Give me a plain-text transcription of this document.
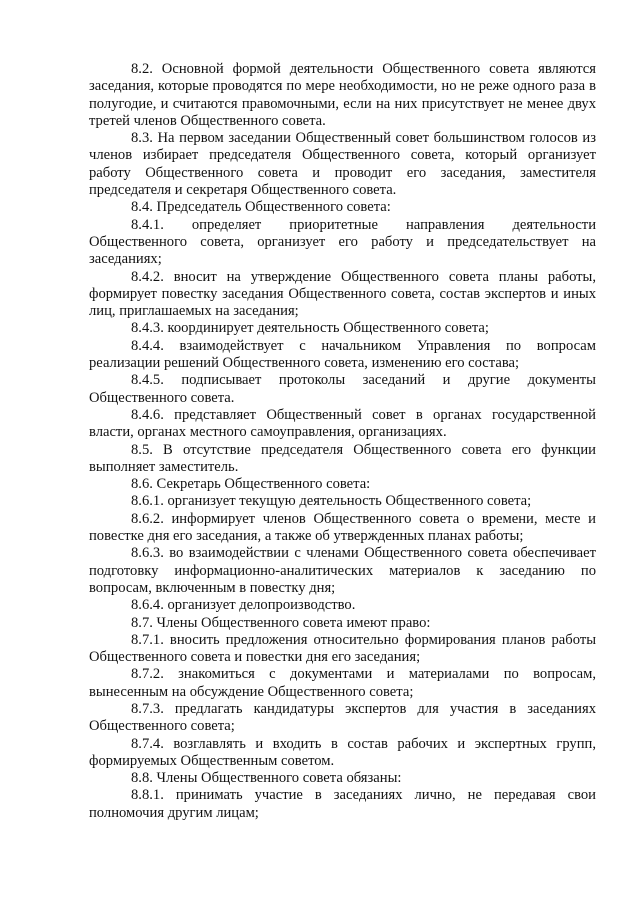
8.2. Основной формой деятельности Общественного совета являются заседания, которые проводятся по мере необходимости, но не реже одного раза в полугодие, и считаются правомочными, если на них присутствует не менее двух третей членов Общественного совета.

8.3. На первом заседании Общественный совет большинством голосов из членов избирает председателя Общественного совета, который организует работу Общественного совета и проводит его заседания, заместителя председателя и секретаря Общественного совета.

8.4. Председатель Общественного совета:

8.4.1. определяет приоритетные направления деятельности Общественного совета, организует его работу и председательствует на заседаниях;

8.4.2. вносит на утверждение Общественного совета планы работы, формирует повестку заседания Общественного совета, состав экспертов и иных лиц, приглашаемых на заседания;

8.4.3. координирует деятельность Общественного совета;

8.4.4. взаимодействует с начальником Управления по вопросам реализации решений Общественного совета, изменению его состава;

8.4.5. подписывает протоколы заседаний и другие документы Общественного совета.

8.4.6. представляет Общественный совет в органах государственной власти, органах местного самоуправления, организациях.

8.5. В отсутствие председателя Общественного совета его функции выполняет заместитель.

8.6. Секретарь Общественного совета:

8.6.1. организует текущую деятельность Общественного совета;

8.6.2. информирует членов Общественного совета о времени, месте и повестке дня его заседания, а также об утвержденных планах работы;

8.6.3. во взаимодействии с членами Общественного совета обеспечивает подготовку информационно-аналитических материалов к заседанию по вопросам, включенным в повестку дня;

8.6.4. организует делопроизводство.

8.7. Члены Общественного совета имеют право:

8.7.1. вносить предложения относительно формирования планов работы Общественного совета и повестки дня его заседания;

8.7.2. знакомиться с документами и материалами по вопросам, вынесенным на обсуждение Общественного совета;

8.7.3. предлагать кандидатуры экспертов для участия в заседаниях Общественного совета;

8.7.4. возглавлять и входить в состав рабочих и экспертных групп, формируемых Общественным советом.

8.8. Члены Общественного совета обязаны:

8.8.1. принимать участие в заседаниях лично, не передавая свои полномочия другим лицам;
